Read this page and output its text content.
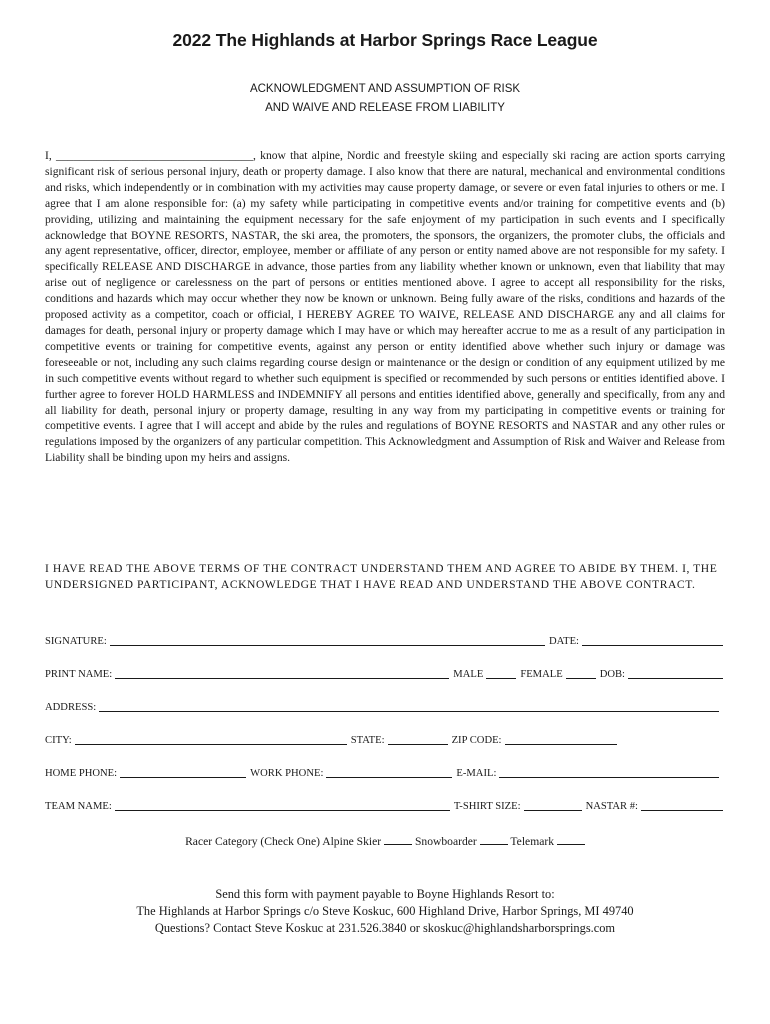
2022 The Highlands at Harbor Springs Race League
ACKNOWLEDGMENT AND ASSUMPTION OF RISK
AND WAIVE AND RELEASE FROM LIABILITY

I, __________________________________, know that alpine, Nordic and freestyle skiing and especially ski racing are action sports carrying significant risk of serious personal injury, death or property damage. I also know that there are natural, mechanical and environmental conditions and risks, which independently or in combination with my activities may cause property damage, or severe or even fatal injuries to others or me. I agree that I am alone responsible for: (a) my safety while participating in competitive events and/or training for competitive events and (b) providing, utilizing and maintaining the equipment necessary for the safe enjoyment of my participation in such events and I specifically acknowledge that BOYNE RESORTS, NASTAR, the ski area, the promoters, the sponsors, the organizers, the promoter clubs, the officials and any agent representative, officer, director, employee, member or affiliate of any person or entity named above are not responsible for my safety. I specifically RELEASE AND DISCHARGE in advance, those parties from any liability whether known or unknown, even that liability that may arise out of negligence or carelessness on the part of persons or entities mentioned above. I agree to accept all responsibility for the risks, conditions and hazards which may occur whether they now be known or unknown. Being fully aware of the risks, conditions and hazards of the proposed activity as a competitor, coach or official, I HEREBY AGREE TO WAIVE, RELEASE AND DISCHARGE any and all claims for damages for death, personal injury or property damage which I may have or which may hereafter accrue to me as a result of any participation in competitive events or training for competitive events, against any person or entity identified above whether such injury or damage was foreseeable or not, including any such claims regarding course design or maintenance or the design or condition of any equipment utilized by me in such competitive events without regard to whether such equipment is specified or recommended by such persons or entities identified above. I further agree to forever HOLD HARMLESS and INDEMNIFY all persons and entities identified above, generally and specifically, from any and all liability for death, personal injury or property damage, resulting in any way from my participating in competitive events or training for competitive events. I agree that I will accept and abide by the rules and regulations of BOYNE RESORTS and NASTAR and any other rules or regulations imposed by the organizers of any particular competition. This Acknowledgment and Assumption of Risk and Waiver and Release from Liability shall be binding upon my heirs and assigns.

I HAVE READ THE ABOVE TERMS OF THE CONTRACT UNDERSTAND THEM AND AGREE TO ABIDE BY THEM. I, THE UNDERSIGNED PARTICIPANT, ACKNOWLEDGE THAT I HAVE READ AND UNDERSTAND THE ABOVE CONTRACT.

SIGNATURE:	DATE:
PRINT NAME:	MALE	FEMALE	DOB:
ADDRESS:
CITY:	STATE:	ZIP CODE:
HOME PHONE:	WORK PHONE:	E-MAIL:
TEAM NAME:	T-SHIRT SIZE:	NASTAR #:
Racer Category (Check One) Alpine Skier	Snowboarder	Telemark
Send this form with payment payable to Boyne Highlands Resort to:
The Highlands at Harbor Springs c/o Steve Koskuc, 600 Highland Drive, Harbor Springs, MI 49740
Questions? Contact Steve Koskuc at 231.526.3840 or skoskuc@highlandsharborsprings.com
